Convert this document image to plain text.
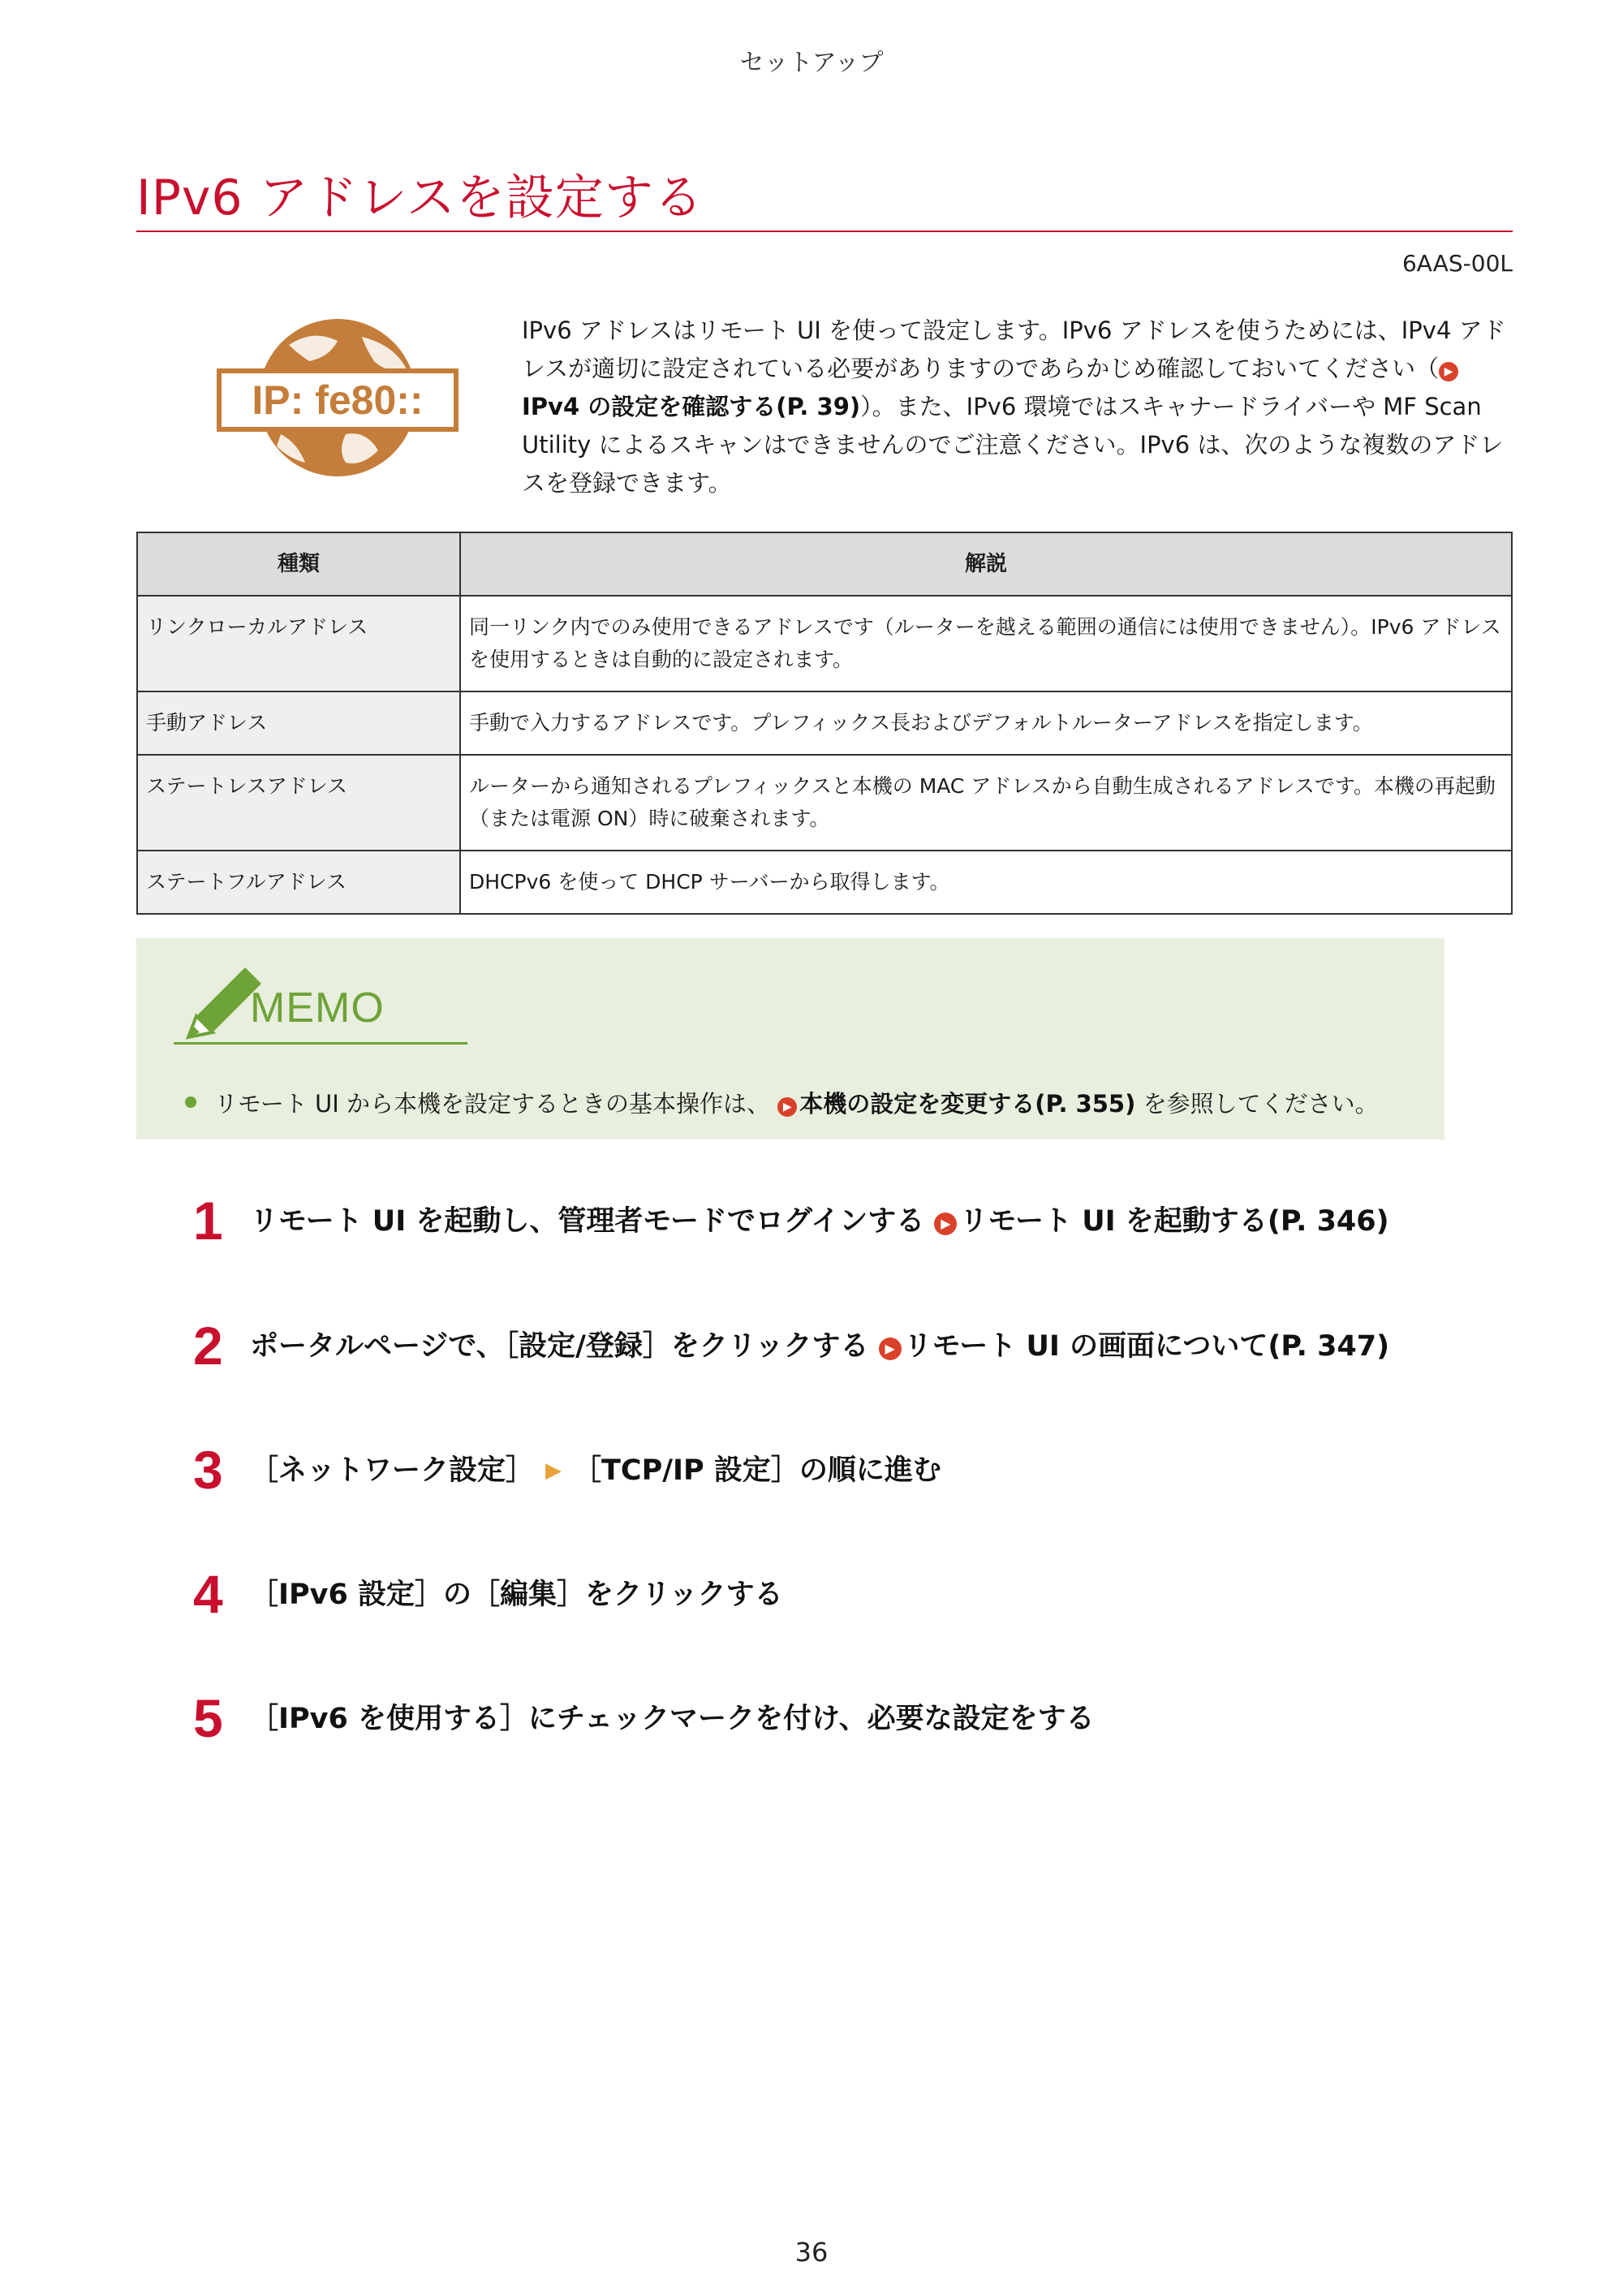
セットアップ
IPv6 アドレスを設定する
6AAS-00L
IP: fe80::
IPv6 アドレスはリモート UI を使って設定します。IPv6 アドレスを使うためには、IPv4 アドレスが適切に設定されている必要がありますのであらかじめ確認しておいてください（ ▶IPv4 の設定を確認する(P. 39)）。また、IPv6 環境ではスキャナードライバーや MF Scan Utility によるスキャンはできませんのでご注意ください。IPv6 は、次のような複数のアドレスを登録できます。
種類	解説
リンクローカルアドレス	同一リンク内でのみ使用できるアドレスです（ルーターを越える範囲の通信には使用できません）。IPv6 アドレスを使用するときは自動的に設定されます。
手動アドレス	手動で入力するアドレスです。プレフィックス長およびデフォルトルーターアドレスを指定します。
ステートレスアドレス	ルーターから通知されるプレフィックスと本機の MAC アドレスから自動生成されるアドレスです。本機の再起動（または電源 ON）時に破棄されます。
ステートフルアドレス	DHCPv6 を使って DHCP サーバーから取得します。
MEMO
リモート UI から本機を設定するときの基本操作は、 ▶ 本機の設定を変更する(P. 355) を参照してください。
1 リモート UI を起動し、管理者モードでログインする ▶ リモート UI を起動する(P. 346)
2 ポータルページで、［設定/登録］をクリックする ▶ リモート UI の画面について(P. 347)
3 ［ネットワーク設定］ ▶ ［TCP/IP 設定］の順に進む
4 ［IPv6 設定］の［編集］をクリックする
5 ［IPv6 を使用する］にチェックマークを付け、必要な設定をする
36
